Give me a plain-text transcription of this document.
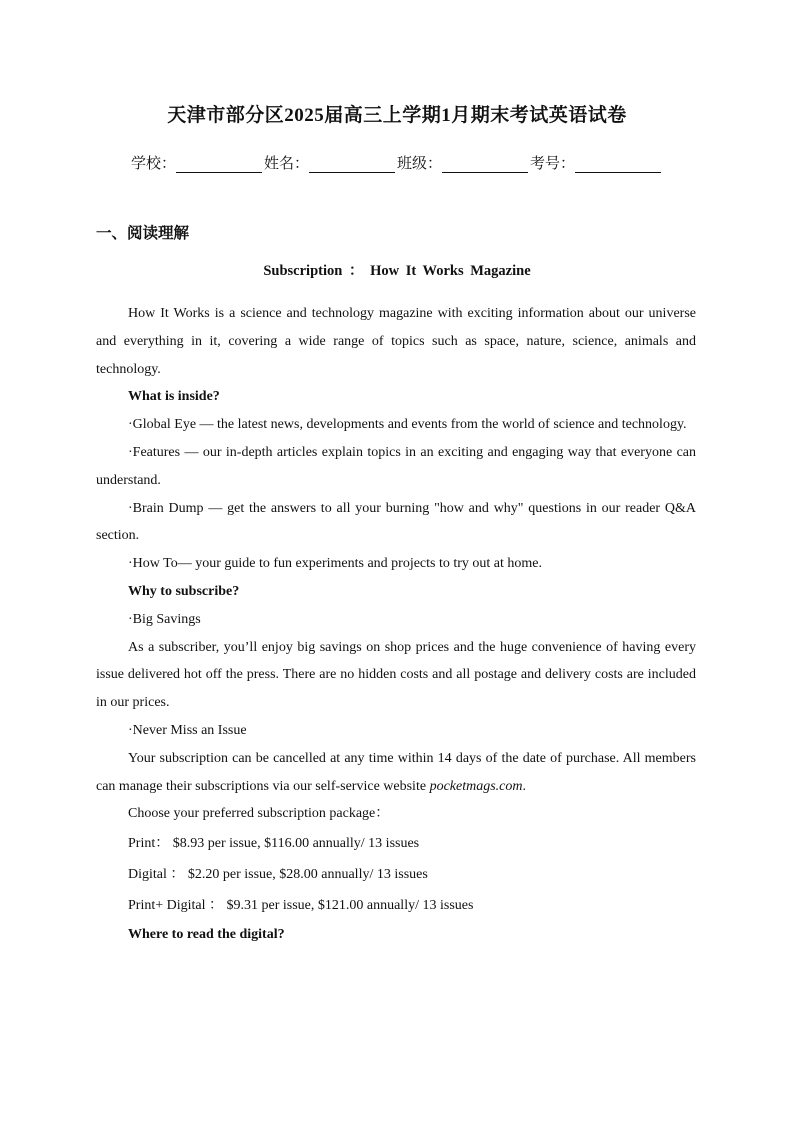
天津市部分区2025届高三上学期1月期末考试英语试卷
学校：	姓名：	班级：	考号：
一、阅读理解
Subscription ： How It Works Magazine

How It Works is a science and technology magazine with exciting information about our universe and everything in it, covering a wide range of topics such as space, nature, science, animals and technology.

What is inside?

·Global Eye — the latest news, developments and events from the world of science and technology.

·Features — our in-depth articles explain topics in an exciting and engaging way that everyone can understand.

·Brain Dump — get the answers to all your burning "how and why" questions in our reader Q&A section.

·How To— your guide to fun experiments and projects to try out at home.

Why to subscribe?

·Big Savings

As a subscriber, you’ll enjoy big savings on shop prices and the huge convenience of having every issue delivered hot off the press. There are no hidden costs and all postage and delivery costs are included in our prices.

·Never Miss an Issue

Your subscription can be cancelled at any time within 14 days of the date of purchase. All members can manage their subscriptions via our self-service website pocketmags.com.

Choose your preferred subscription package：

Print： $8.93 per issue, $116.00 annually/ 13 issues

Digital ： $2.20 per issue, $28.00 annually/ 13 issues

Print+ Digital ： $9.31 per issue, $121.00 annually/ 13 issues

Where to read the digital?
